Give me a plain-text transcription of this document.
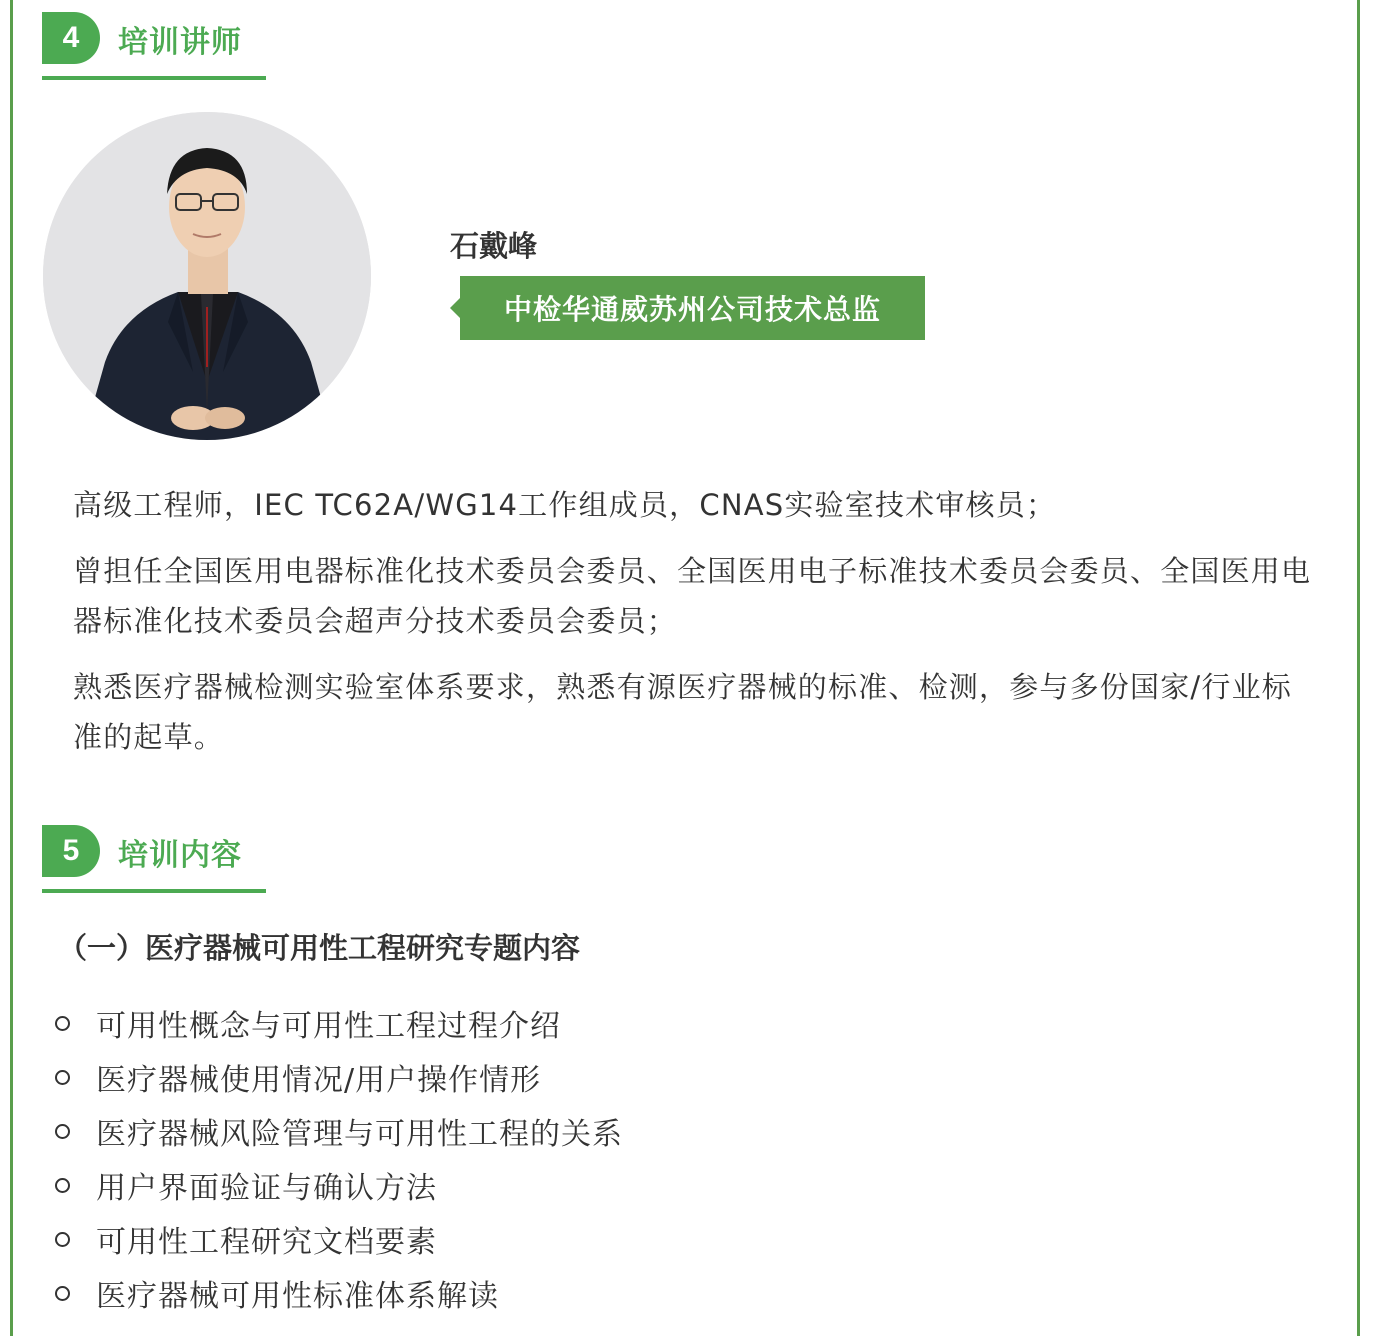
4	培训讲师
石戴峰
中检华通威苏州公司技术总监

高级工程师，IEC TC62A/WG14工作组成员，CNAS实验室技术审核员；

曾担任全国医用电器标准化技术委员会委员、全国医用电子标准技术委员会委员、全国医用电器标准化技术委员会超声分技术委员会委员；

熟悉医疗器械检测实验室体系要求，熟悉有源医疗器械的标准、检测，参与多份国家/行业标准的起草。

5	培训内容
（一）医疗器械可用性工程研究专题内容
可用性概念与可用性工程过程介绍
医疗器械使用情况/用户操作情形
医疗器械风险管理与可用性工程的关系
用户界面验证与确认方法
可用性工程研究文档要素
医疗器械可用性标准体系解读
